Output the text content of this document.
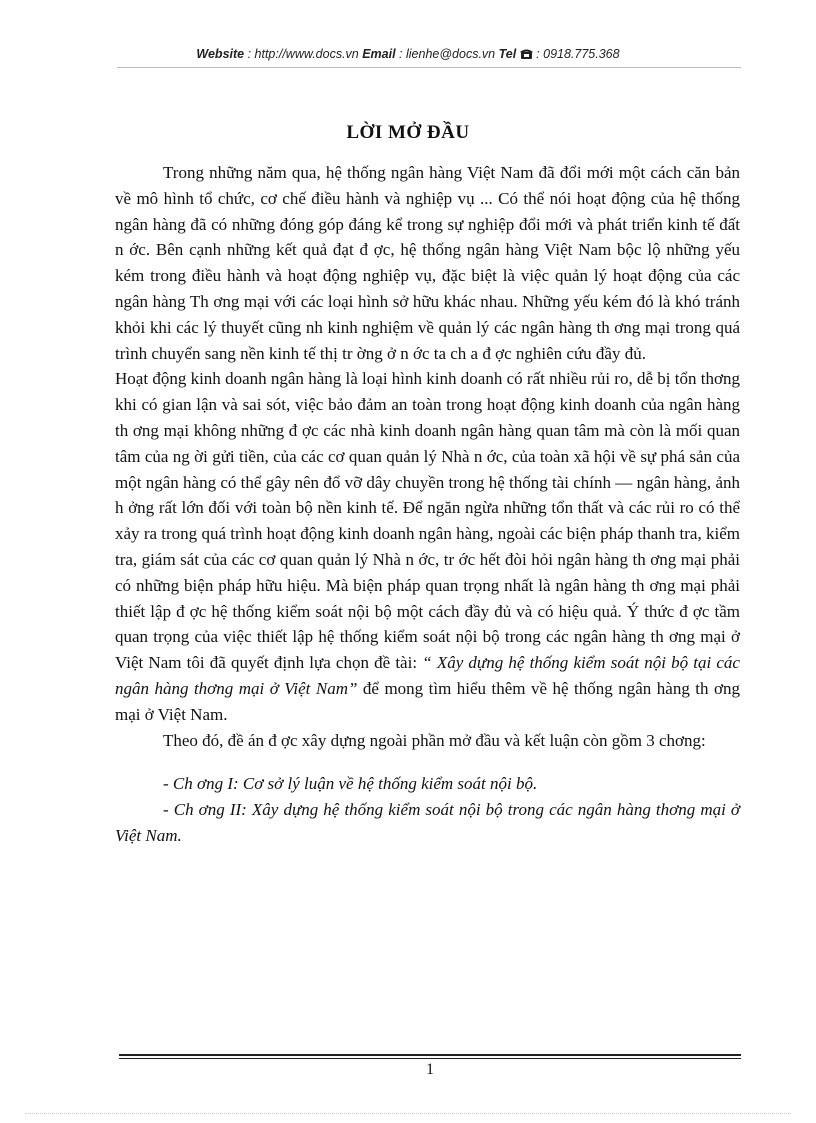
Website : http://www.docs.vn Email : lienhe@docs.vn Tel  : 0918.775.368
LỜI MỞ ĐẦU

Trong những năm qua, hệ thống ngân hàng Việt Nam đã đổi mới một cách căn bản về mô hình tổ chức, cơ chế điều hành và nghiệp vụ ... Có thể nói hoạt động của hệ thống ngân hàng đã có những đóng góp đáng kể trong sự nghiệp đổi mới và phát triển kinh tế đất n ớc. Bên cạnh những kết quả đạt đ ợc, hệ thống ngân hàng Việt Nam bộc lộ những yếu kém trong điều hành và hoạt động nghiệp vụ, đặc biệt là việc quản lý hoạt động của các ngân hàng Th ơng mại với các loại hình sở hữu khác nhau. Những yếu kém đó là khó tránh khỏi khi các lý thuyết cũng nh kinh nghiệm về quản lý các ngân hàng th ơng mại trong quá trình chuyển sang nền kinh tế thị tr ờng ở n ớc ta ch a đ ợc nghiên cứu đầy đủ.

Hoạt động kinh doanh ngân hàng là loại hình kinh doanh có rất nhiều rủi ro, dễ bị tổn thơng khi có gian lận và sai sót, việc bảo đảm an toàn trong hoạt động kinh doanh của ngân hàng th ơng mại không những đ ợc các nhà kinh doanh ngân hàng quan tâm mà còn là mối quan tâm của ng ời gửi tiền, của các cơ quan quản lý Nhà n ớc, của toàn xã hội về sự phá sản của một ngân hàng có thể gây nên đổ vỡ dây chuyền trong hệ thống tài chính — ngân hàng, ảnh h ởng rất lớn đối với toàn bộ nền kinh tế. Để ngăn ngừa những tổn thất và các rủi ro có thể xảy ra trong quá trình hoạt động kinh doanh ngân hàng, ngoài các biện pháp thanh tra, kiểm tra, giám sát của các cơ quan quản lý Nhà n ớc, tr ớc hết đòi hỏi ngân hàng th ơng mại phải có những biện pháp hữu hiệu. Mà biện pháp quan trọng nhất là ngân hàng th ơng mại phải thiết lập đ ợc hệ thống kiểm soát nội bộ một cách đầy đủ và có hiệu quả. Ý thức đ ợc tầm quan trọng của việc thiết lập hệ thống kiểm soát nội bộ trong các ngân hàng th ơng mại ở Việt Nam tôi đã quyết định lựa chọn đề tài: “ Xây dựng hệ thống kiểm soát nội bộ tại các ngân hàng thơng mại ở Việt Nam” để mong tìm hiểu thêm về hệ thống ngân hàng th ơng mại ở Việt Nam.

Theo đó, đề án đ ợc xây dựng ngoài phần mở đầu và kết luận còn gồm 3 chơng:

- Ch ơng I: Cơ sở lý luận về hệ thống kiểm soát nội bộ.

- Ch ơng II: Xây dựng hệ thống kiểm soát nội bộ trong các ngân hàng thơng mại ở Việt Nam.

1
